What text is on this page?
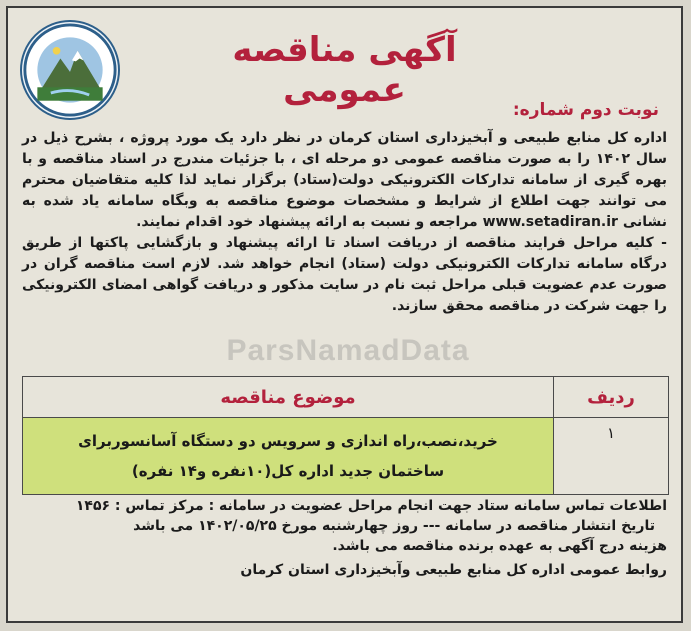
آگهی مناقصه عمومی	نوبت دوم شماره:

اداره کل منابع طبیعی و آبخیزداری استان کرمان در نظر دارد یک مورد پروژه ، بشرح ذیل در سال ۱۴۰۲ را به صورت مناقصه عمومی دو مرحله ای ، با جزئیات مندرج در اسناد مناقصه و با بهره گیری از سامانه تدارکات الکترونیکی دولت(ستاد) برگزار نماید لذا کلیه متقاضیان محترم می توانند جهت اطلاع از شرایط و مشخصات موضوع مناقصه به وبگاه سامانه یاد شده به نشانی www.setadiran.ir مراجعه و نسبت به ارائه پیشنهاد خود اقدام نمایند.

- کلیه مراحل فرایند مناقصه از دریافت اسناد تا ارائه پیشنهاد و بازگشایی پاکتها از طریق درگاه سامانه تدارکات الکترونیکی دولت (ستاد) انجام خواهد شد. لازم است مناقصه گران در صورت عدم عضویت قبلی مراحل ثبت نام در سایت مذکور و دریافت گواهی امضای الکترونیکی را جهت شرکت در مناقصه محقق سازند.

ParsNamadData
ردیف	موضوع مناقصه
۱	خرید،نصب،راه اندازی و سرویس دو دستگاه آسانسوربرای
ساختمان جدید اداره کل(۱۰نفره و۱۴ نفره)

اطلاعات تماس سامانه ستاد جهت انجام مراحل عضویت در سامانه : مرکز تماس : ۱۴۵۶

تاریخ انتشار مناقصه در سامانه --- روز چهارشنبه مورخ ۱۴۰۲/۰۵/۲۵ می باشد

هزینه درج آگهی به عهده برنده مناقصه می باشد.

روابط عمومی اداره کل منابع طبیعی وآبخیزداری استان کرمان
